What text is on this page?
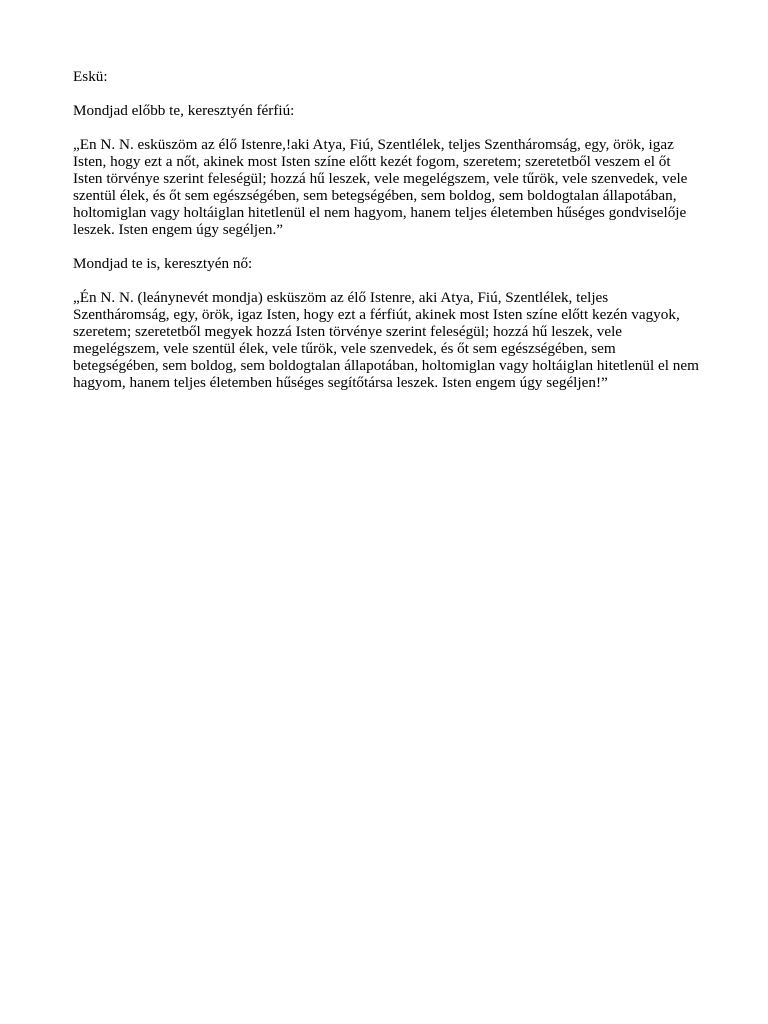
Eskü:

Mondjad előbb te, keresztyén férfiú:

„En N. N. esküszöm az élő Istenre,!aki Atya, Fiú, Szentlélek, teljes Szentháromság, egy, örök, igaz Isten, hogy ezt a nőt, akinek most Isten színe előtt kezét fogom, szeretem; szeretetből veszem el őt Isten törvénye szerint feleségül; hozzá hű leszek, vele megelégszem, vele tűrök, vele szenvedek, vele szentül élek, és őt sem egészségében, sem betegségében, sem boldog, sem boldogtalan állapotában, holtomiglan vagy holtáiglan hitetlenül el nem hagyom, hanem teljes életemben hűséges gondviselője leszek. Isten engem úgy segéljen.”

Mondjad te is, keresztyén nő:

„Én N. N. (leánynevét mondja) esküszöm az élő Istenre, aki Atya, Fiú, Szentlélek, teljes Szentháromság, egy, örök, igaz Isten, hogy ezt a férfiút, akinek most Isten színe előtt kezén vagyok, szeretem; szeretetből megyek hozzá Isten törvénye szerint feleségül; hozzá hű leszek, vele megelégszem, vele szentül élek, vele tűrök, vele szenvedek, és őt sem egészségében, sem betegségében, sem boldog, sem boldogtalan állapotában, holtomiglan vagy holtáiglan hitetlenül el nem hagyom, hanem teljes életemben hűséges segítőtársa leszek. Isten engem úgy segéljen!”
